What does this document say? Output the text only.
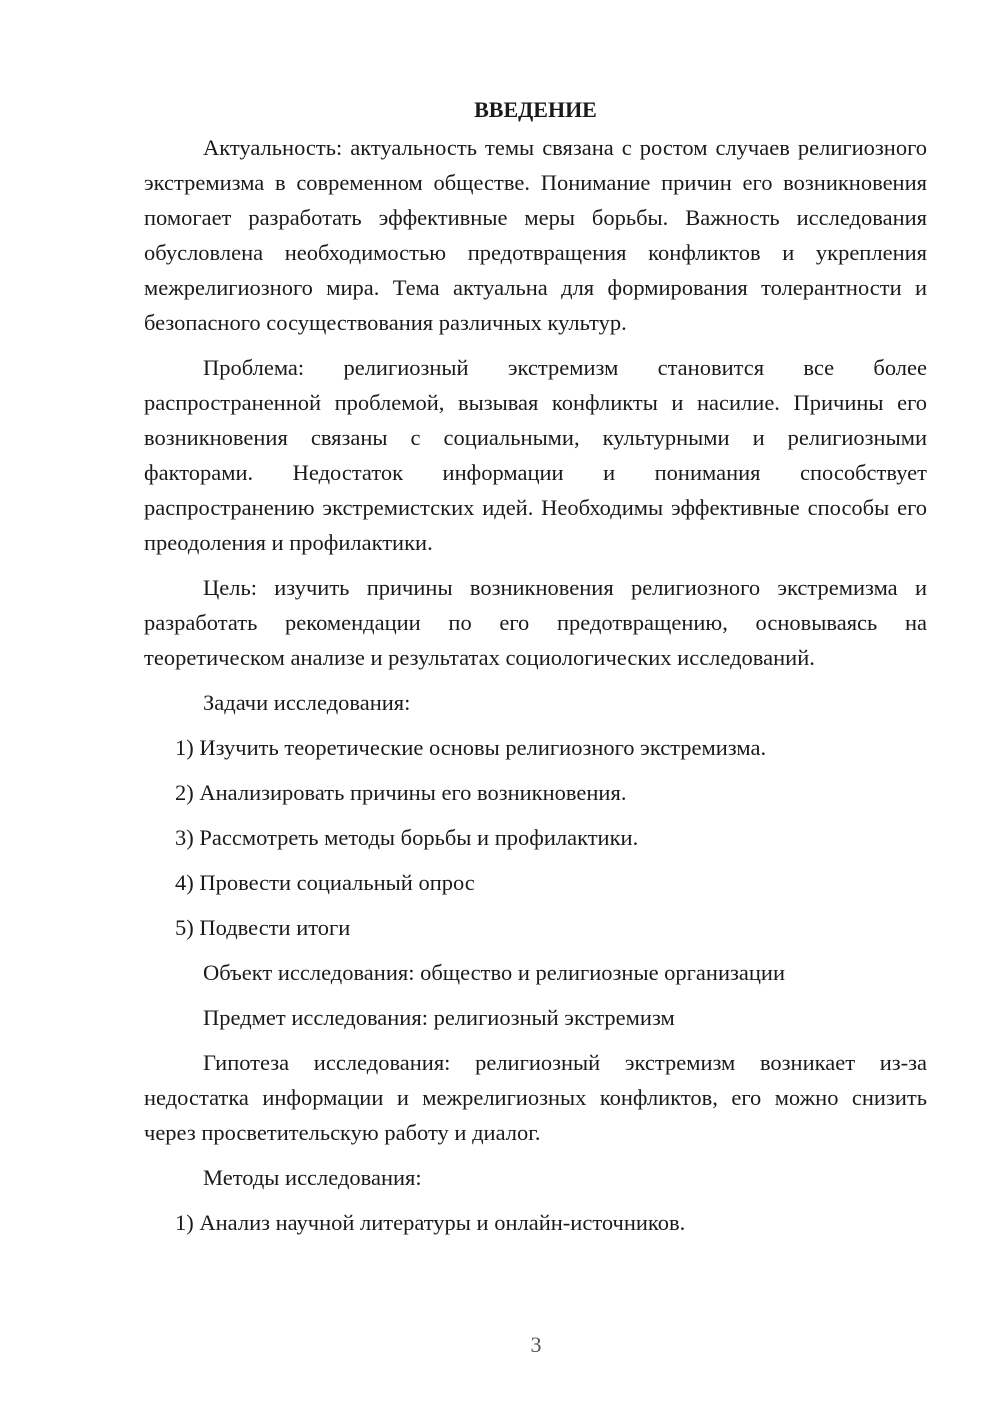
ВВЕДЕНИЕ

Актуальность: актуальность темы связана с ростом случаев религиозного экстремизма в современном обществе. Понимание причин его возникновения помогает разработать эффективные меры борьбы. Важность исследования обусловлена необходимостью предотвращения конфликтов и укрепления межрелигиозного мира. Тема актуальна для формирования толерантности и безопасного сосуществования различных культур.

Проблема: религиозный экстремизм становится все более распространенной проблемой, вызывая конфликты и насилие. Причины его возникновения связаны с социальными, культурными и религиозными факторами. Недостаток информации и понимания способствует распространению экстремистских идей. Необходимы эффективные способы его преодоления и профилактики.

Цель: изучить причины возникновения религиозного экстремизма и разработать рекомендации по его предотвращению, основываясь на теоретическом анализе и результатах социологических исследований.

Задачи исследования:
1) Изучить теоретические основы религиозного экстремизма.
2) Анализировать причины его возникновения.
3) Рассмотреть методы борьбы и профилактики.
4) Провести социальный опрос
5) Подвести итоги
Объект исследования: общество и религиозные организации
Предмет исследования: религиозный экстремизм

Гипотеза исследования: религиозный экстремизм возникает из-за недостатка информации и межрелигиозных конфликтов, его можно снизить через просветительскую работу и диалог.

Методы исследования:
1) Анализ научной литературы и онлайн-источников.
3
